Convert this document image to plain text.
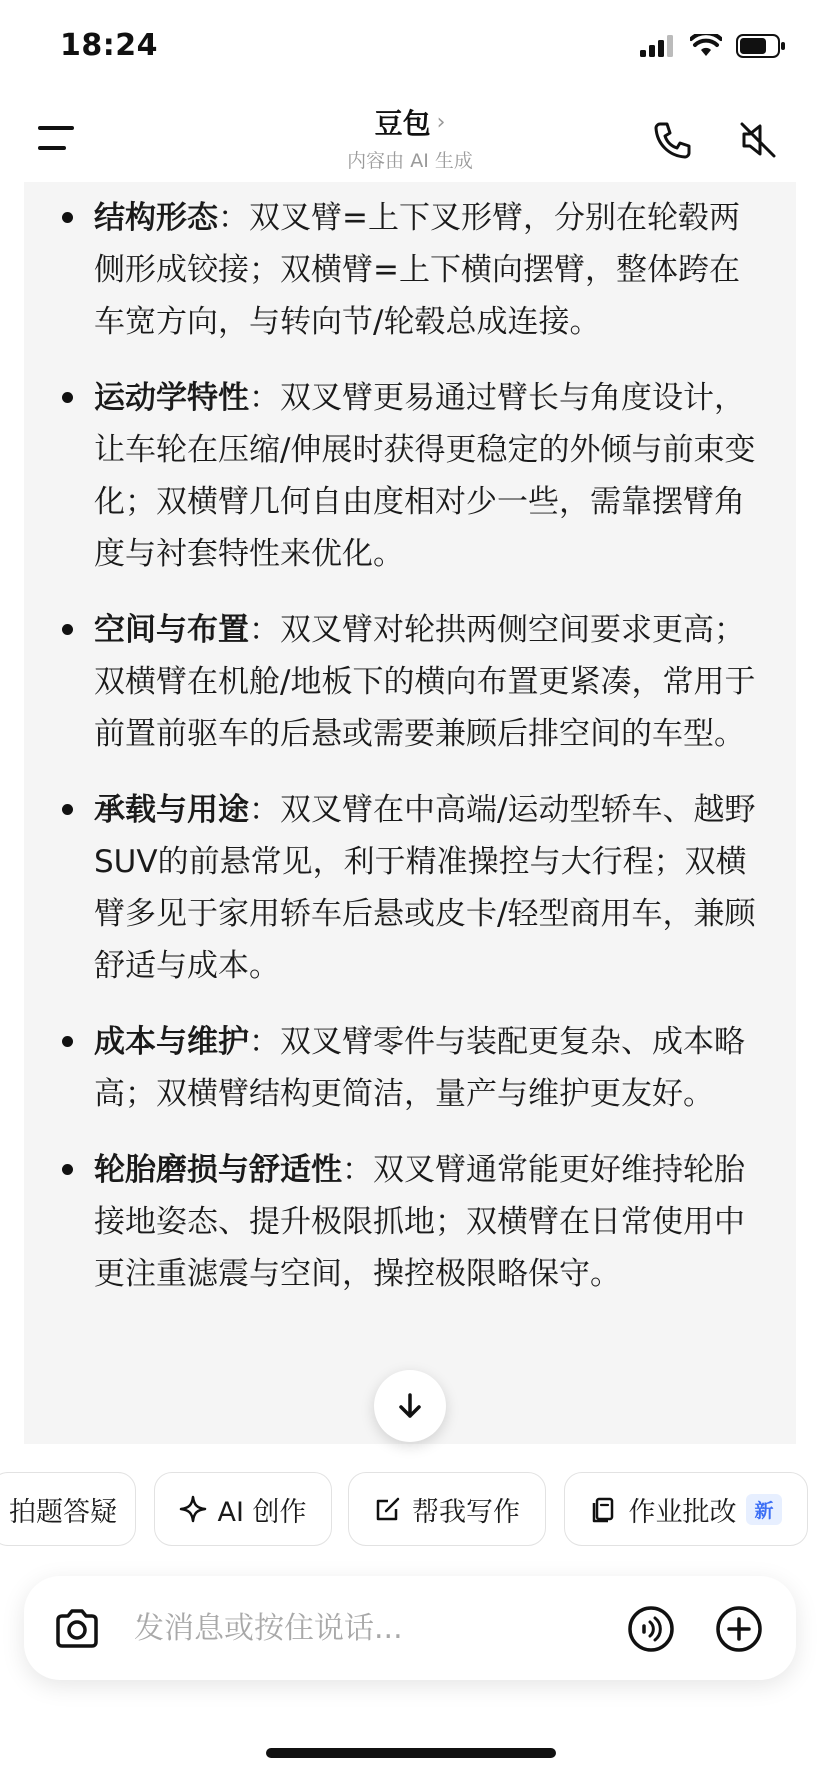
18:24
豆包 ›
内容由 AI 生成
结构形态：双叉臂=上下叉形臂，分别在轮毂两侧形成铰接；双横臂=上下横向摆臂，整体跨在车宽方向，与转向节/轮毂总成连接。
运动学特性：双叉臂更易通过臂长与角度设计，让车轮在压缩/伸展时获得更稳定的外倾与前束变化；双横臂几何自由度相对少一些，需靠摆臂角度与衬套特性来优化。
空间与布置：双叉臂对轮拱两侧空间要求更高；双横臂在机舱/地板下的横向布置更紧凑，常用于前置前驱车的后悬或需要兼顾后排空间的车型。
承载与用途：双叉臂在中高端/运动型轿车、越野SUV的前悬常见，利于精准操控与大行程；双横臂多见于家用轿车后悬或皮卡/轻型商用车，兼顾舒适与成本。
成本与维护：双叉臂零件与装配更复杂、成本略高；双横臂结构更简洁，量产与维护更友好。
轮胎磨损与舒适性：双叉臂通常能更好维持轮胎接地姿态、提升极限抓地；双横臂在日常使用中更注重滤震与空间，操控极限略保守。
拍题答疑	AI 创作	帮我写作	作业批改 新
发消息或按住说话...
